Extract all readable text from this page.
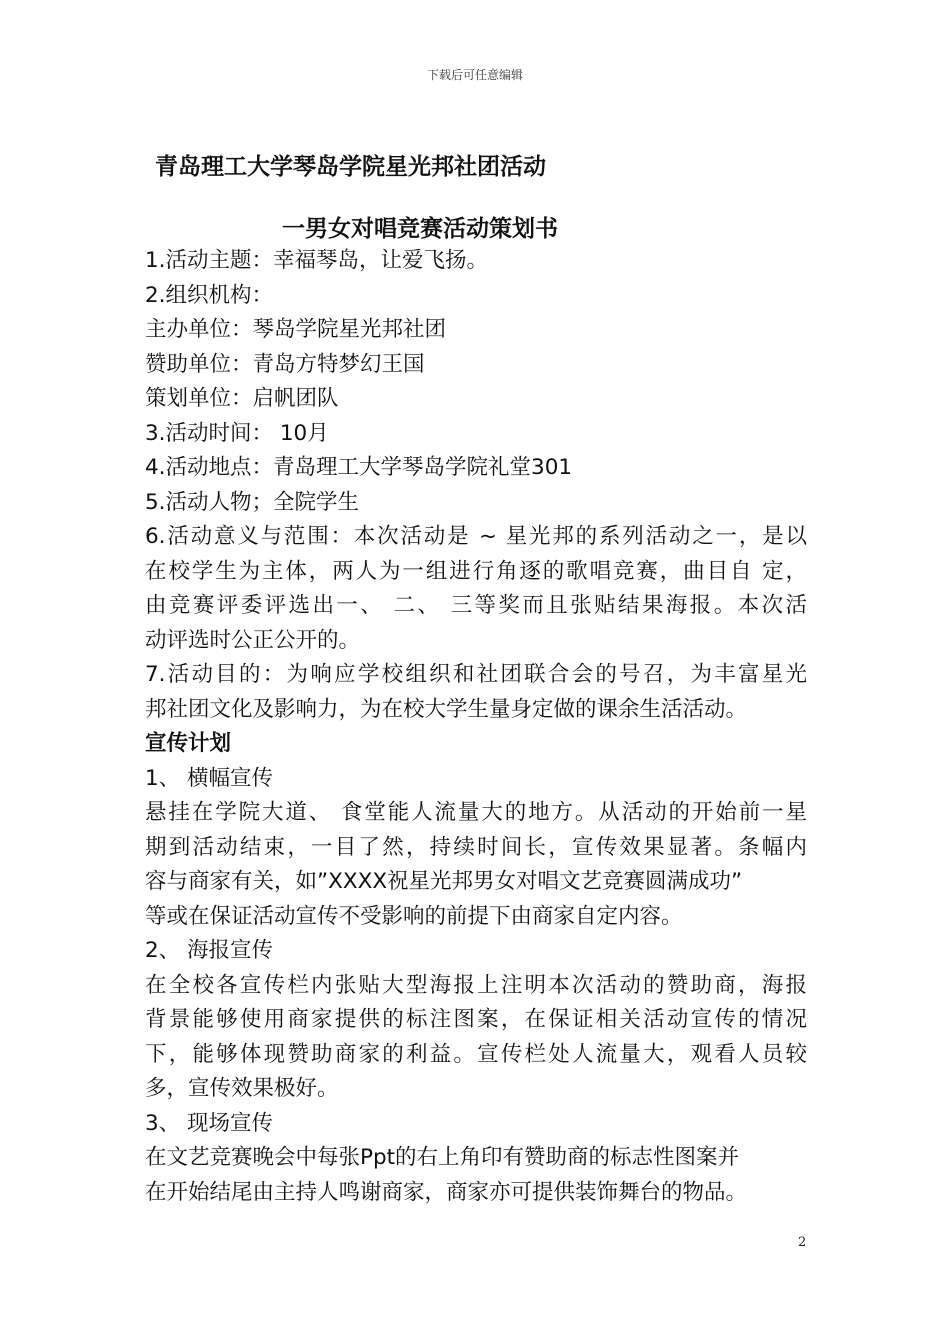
下载后可任意编辑
青岛理工大学琴岛学院星光邦社团活动
一男女对唱竞赛活动策划书
1.活动主题：幸福琴岛，让爱飞扬。
2.组织机构：
主办单位：琴岛学院星光邦社团
赞助单位：青岛方特梦幻王国
策划单位：启帆团队
3.活动时间： 10月
4.活动地点：青岛理工大学琴岛学院礼堂301
5.活动人物；全院学生
6.活动意义与范围：本次活动是 ~ 星光邦的系列活动之一，是以
在校学生为主体，两人为一组进行角逐的歌唱竞赛，曲目自 定，
由竞赛评委评选出一、 二、 三等奖而且张贴结果海报。本次活
动评选时公正公开的。
7.活动目的：为响应学校组织和社团联合会的号召，为丰富星光
邦社团文化及影响力，为在校大学生量身定做的课余生活活动。
宣传计划
1、 横幅宣传
悬挂在学院大道、 食堂能人流量大的地方。从活动的开始前一星
期到活动结束，一目了然，持续时间长，宣传效果显著。条幅内
容与商家有关，如”XXXX祝星光邦男女对唱文艺竞赛圆满成功”
等或在保证活动宣传不受影响的前提下由商家自定内容。
2、 海报宣传
在全校各宣传栏内张贴大型海报上注明本次活动的赞助商，海报
背景能够使用商家提供的标注图案，在保证相关活动宣传的情况
下，能够体现赞助商家的利益。宣传栏处人流量大，观看人员较
多，宣传效果极好。
3、 现场宣传
在文艺竞赛晚会中每张Ppt的右上角印有赞助商的标志性图案并
在开始结尾由主持人鸣谢商家，商家亦可提供装饰舞台的物品。
2
